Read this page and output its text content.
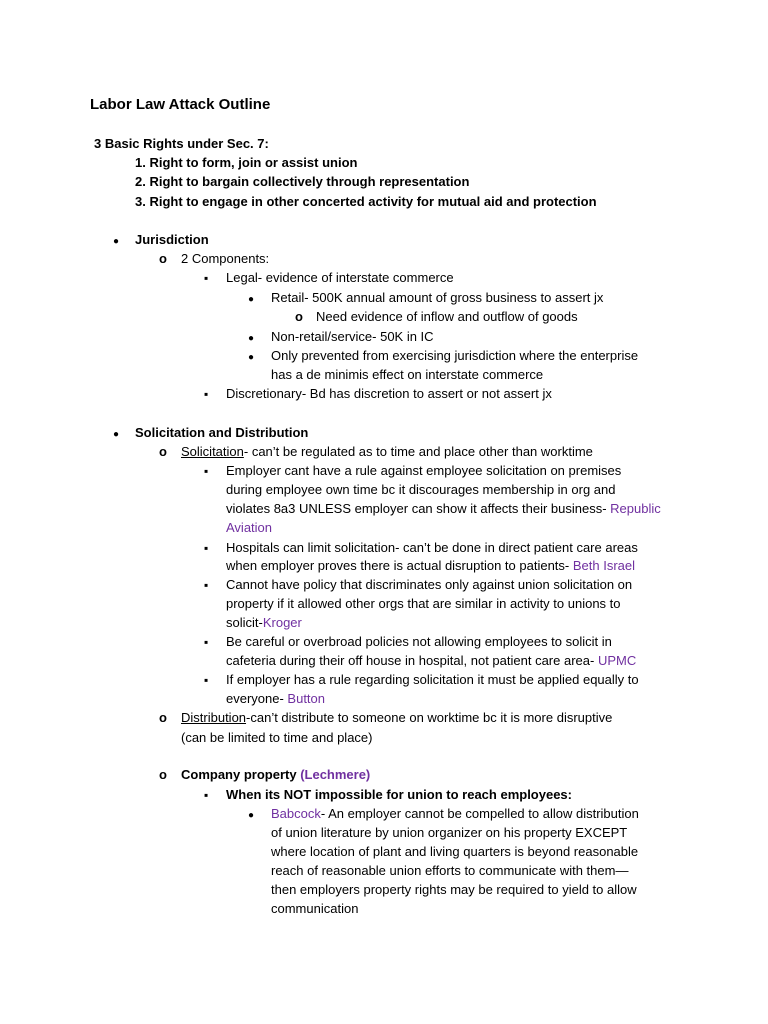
Labor Law Attack Outline
3 Basic Rights under Sec. 7:
1. Right to form, join or assist union
2. Right to bargain collectively through representation
3. Right to engage in other concerted activity for mutual aid and protection
●
Jurisdiction
o
2 Components:
▪
Legal- evidence of interstate commerce
●
Retail- 500K annual amount of gross business to assert jx
o
Need evidence of inflow and outflow of goods
●
Non-retail/service- 50K in IC
●
Only prevented from exercising jurisdiction where the enterprise
has a de minimis effect on interstate commerce
▪
Discretionary- Bd has discretion to assert or not assert jx
●
Solicitation and Distribution
o
Solicitation- can’t be regulated as to time and place other than worktime
▪
Employer cant have a rule against employee solicitation on premises
during employee own time bc it discourages membership in org and
violates 8a3 UNLESS employer can show it affects their business- Republic
Aviation
▪
Hospitals can limit solicitation- can’t be done in direct patient care areas
when employer proves there is actual disruption to patients- Beth Israel
▪
Cannot have policy that discriminates only against union solicitation on
property if it allowed other orgs that are similar in activity to unions to
solicit-Kroger
▪
Be careful or overbroad policies not allowing employees to solicit in
cafeteria during their off house in hospital, not patient care area- UPMC
▪
If employer has a rule regarding solicitation it must be applied equally to
everyone- Button
o
Distribution-can’t distribute to someone on worktime bc it is more disruptive
(can be limited to time and place)
o
Company property (Lechmere)
▪
When its NOT impossible for union to reach employees:
●
Babcock- An employer cannot be compelled to allow distribution
of union literature by union organizer on his property EXCEPT
where location of plant and living quarters is beyond reasonable
reach of reasonable union efforts to communicate with them—
then employers property rights may be required to yield to allow
communication
